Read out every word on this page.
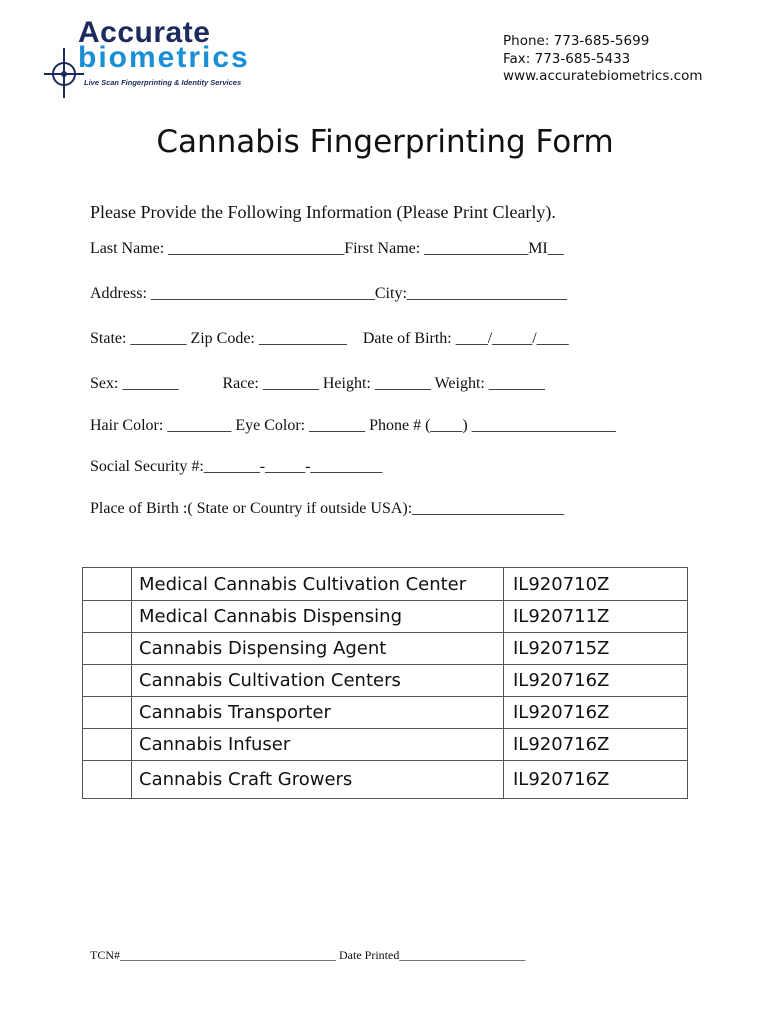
Accurate
biometrics
Live Scan Fingerprinting & Identity Services
Phone: 773-685-5699
Fax: 773-685-5433
www.accuratebiometrics.com
Cannabis Fingerprinting Form
Please Provide the Following Information (Please Print Clearly).
Last Name: ______________________First Name: _____________MI__
Address: ____________________________City:____________________
State: _______ Zip Code: ___________    Date of Birth: ____/_____/____
Sex: _______           Race: _______ Height: _______ Weight: _______
Hair Color: ________ Eye Color: _______ Phone # (____) __________________
Social Security #:_______-_____-_________
Place of Birth :( State or Country if outside USA):___________________
	Medical Cannabis Cultivation Center	IL920710Z
	Medical Cannabis Dispensing	IL920711Z
	Cannabis Dispensing Agent	IL920715Z
	Cannabis Cultivation Centers	IL920716Z
	Cannabis Transporter	IL920716Z
	Cannabis Infuser	IL920716Z
	Cannabis Craft Growers	IL920716Z
TCN#____________________________________ Date Printed_____________________
